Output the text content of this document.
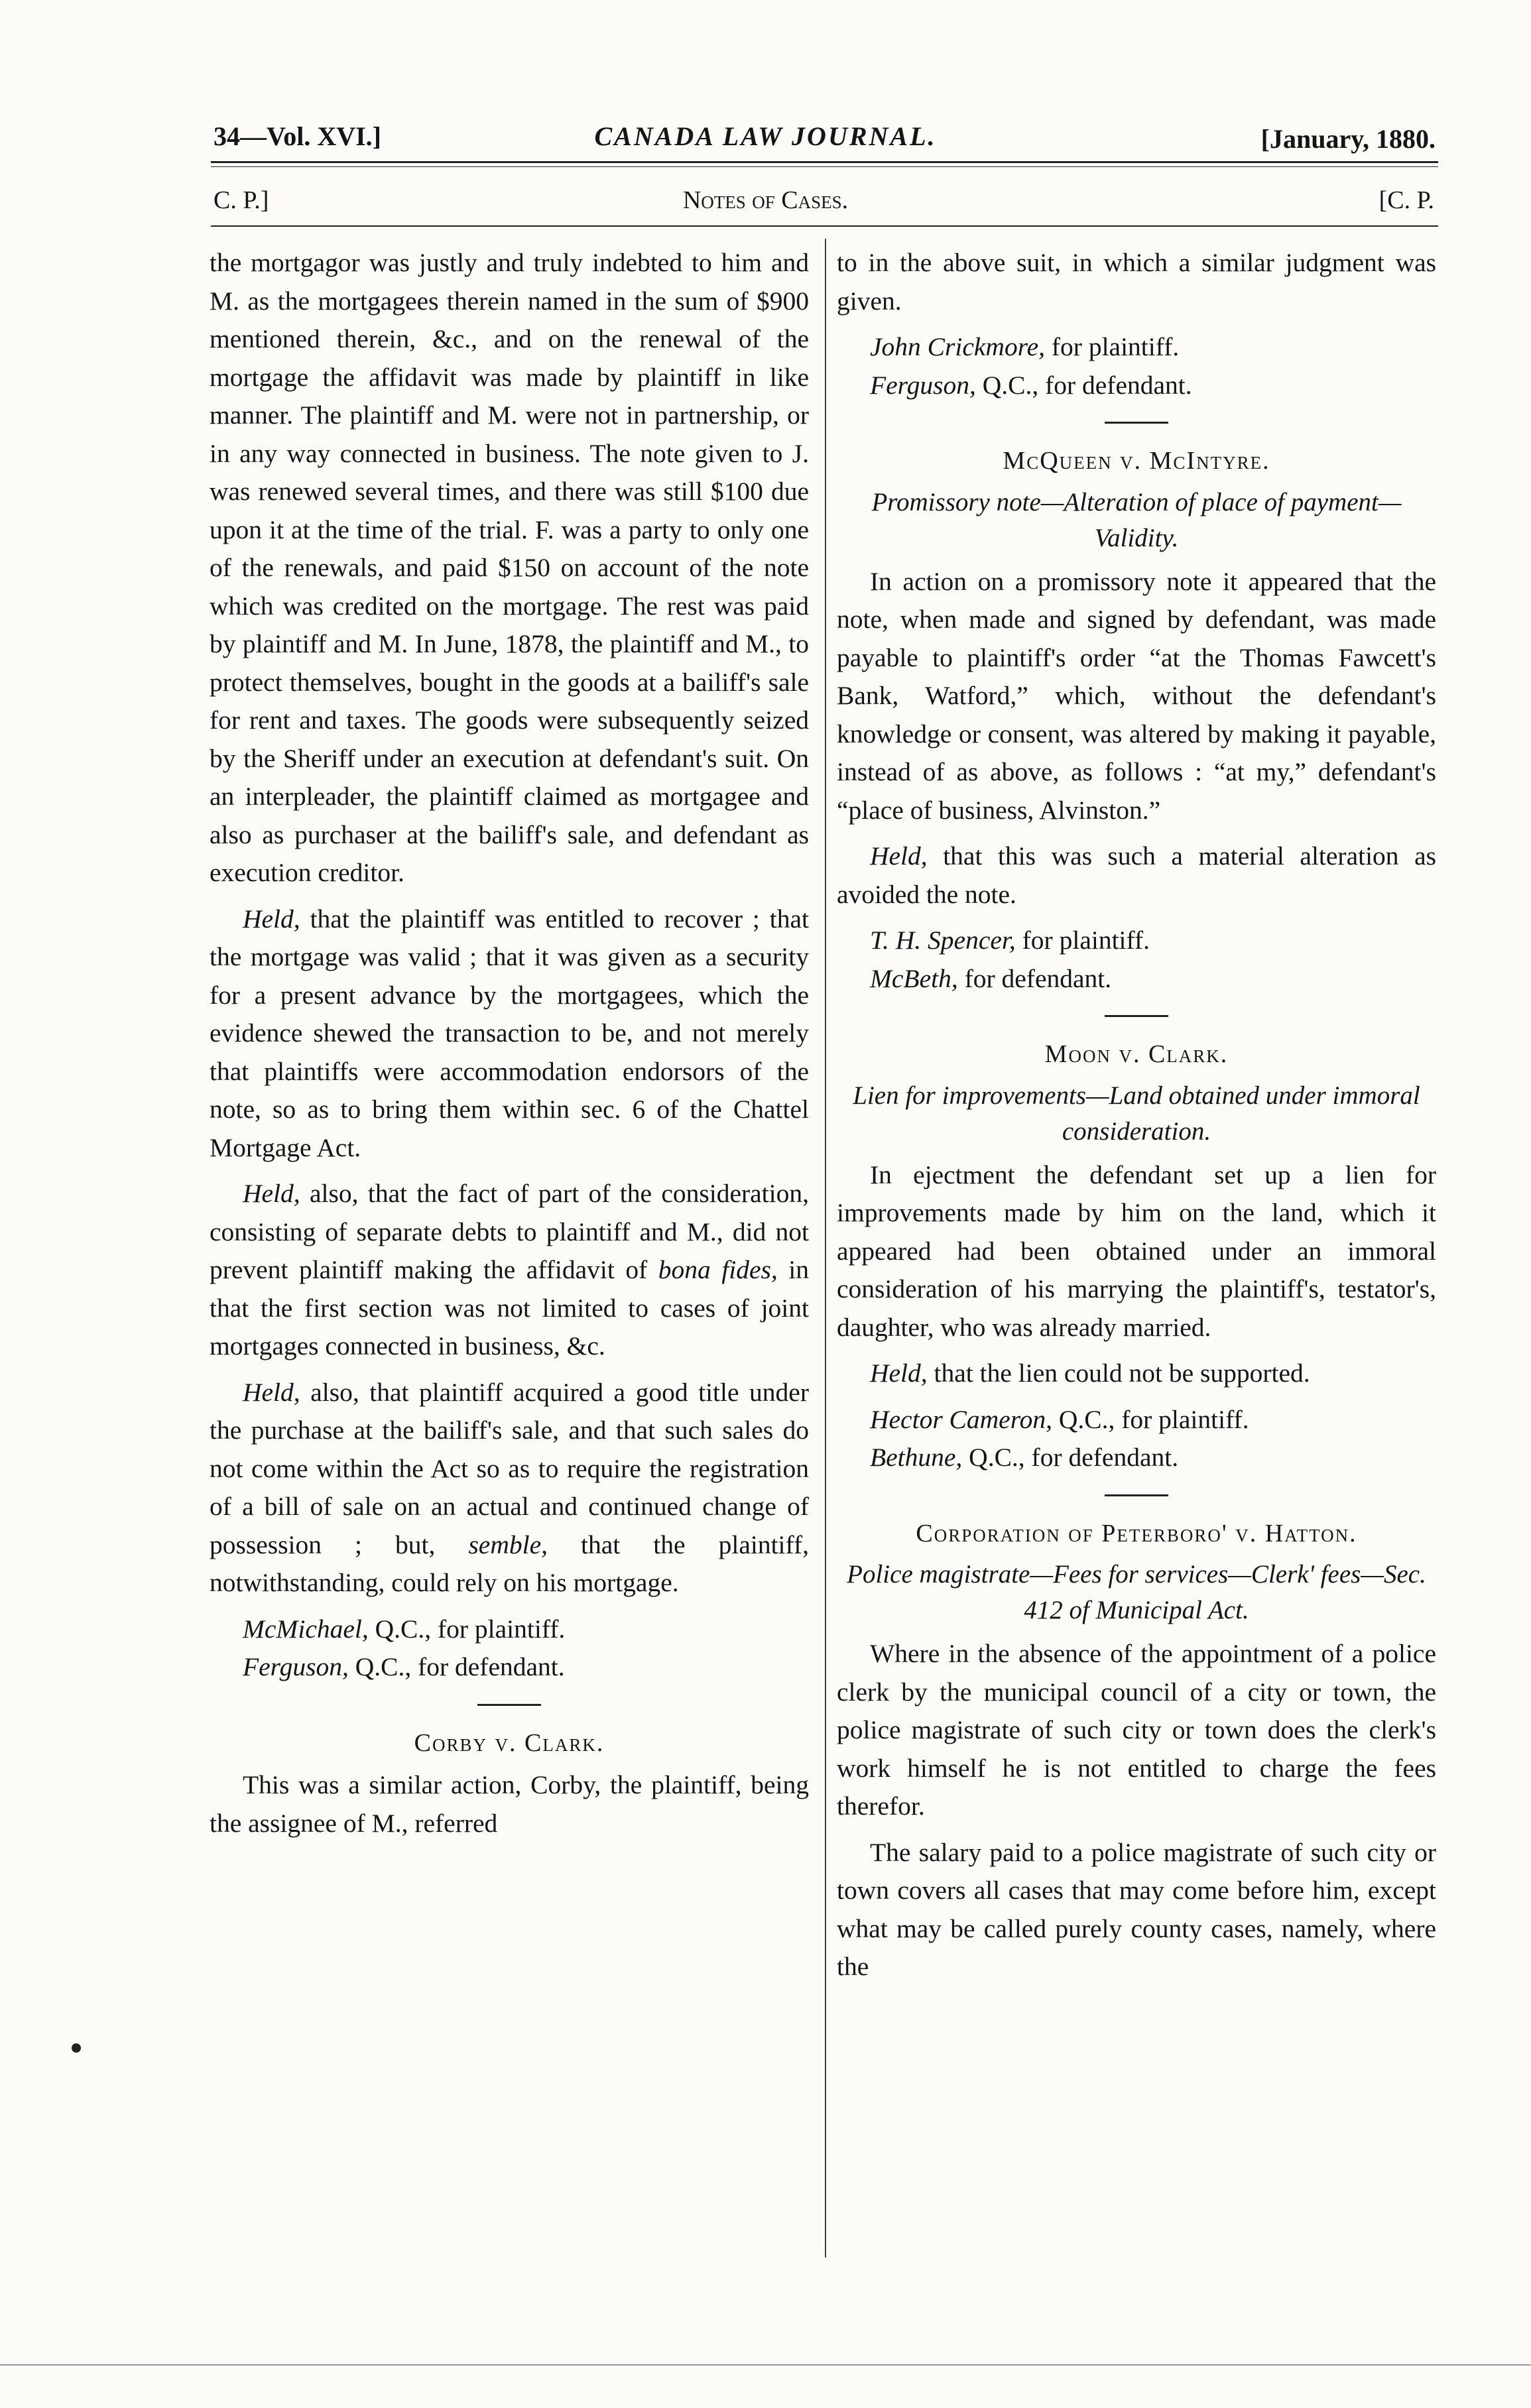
34—Vol. XVI.]	CANADA LAW JOURNAL.	[January, 1880.
C. P.]	Notes of Cases.	[C. P.

the mortgagor was justly and truly indebted to him and M. as the mortgagees therein named in the sum of $900 mentioned therein, &c., and on the renewal of the mortgage the affidavit was made by plaintiff in like manner. The plaintiff and M. were not in partnership, or in any way connected in business. The note given to J. was renewed several times, and there was still $100 due upon it at the time of the trial. F. was a party to only one of the renewals, and paid $150 on account of the note which was credited on the mortgage. The rest was paid by plaintiff and M. In June, 1878, the plaintiff and M., to protect themselves, bought in the goods at a bailiff's sale for rent and taxes. The goods were subsequently seized by the Sheriff under an execution at defendant's suit. On an interpleader, the plaintiff claimed as mortgagee and also as purchaser at the bailiff's sale, and defendant as execution creditor.

Held, that the plaintiff was entitled to recover ; that the mortgage was valid ; that it was given as a security for a present advance by the mortgagees, which the evidence shewed the transaction to be, and not merely that plaintiffs were accommodation endorsors of the note, so as to bring them within sec. 6 of the Chattel Mortgage Act.

Held, also, that the fact of part of the consideration, consisting of separate debts to plaintiff and M., did not prevent plaintiff making the affidavit of bona fides, in that the first section was not limited to cases of joint mortgages connected in business, &c.

Held, also, that plaintiff acquired a good title under the purchase at the bailiff's sale, and that such sales do not come within the Act so as to require the registration of a bill of sale on an actual and continued change of possession ; but, semble, that the plaintiff, notwithstanding, could rely on his mortgage.

McMichael, Q.C., for plaintiff.

Ferguson, Q.C., for defendant.

Corby v. Clark.

This was a similar action, Corby, the plaintiff, being the assignee of M., referred

to in the above suit, in which a similar judgment was given.

John Crickmore, for plaintiff.

Ferguson, Q.C., for defendant.

McQueen v. McIntyre.
Promissory note—Alteration of place of payment—Validity.

In action on a promissory note it appeared that the note, when made and signed by defendant, was made payable to plaintiff's order “at the Thomas Fawcett's Bank, Watford,” which, without the defendant's knowledge or consent, was altered by making it payable, instead of as above, as follows : “at my,” defendant's “place of business, Alvinston.”

Held, that this was such a material alteration as avoided the note.

T. H. Spencer, for plaintiff.

McBeth, for defendant.

Moon v. Clark.
Lien for improvements—Land obtained under immoral consideration.

In ejectment the defendant set up a lien for improvements made by him on the land, which it appeared had been obtained under an immoral consideration of his marrying the plaintiff's, testator's, daughter, who was already married.

Held, that the lien could not be supported.

Hector Cameron, Q.C., for plaintiff.

Bethune, Q.C., for defendant.

Corporation of Peterboro' v. Hatton.
Police magistrate—Fees for services—Clerk' fees—Sec. 412 of Municipal Act.

Where in the absence of the appointment of a police clerk by the municipal council of a city or town, the police magistrate of such city or town does the clerk's work himself he is not entitled to charge the fees therefor.

The salary paid to a police magistrate of such city or town covers all cases that may come before him, except what may be called purely county cases, namely, where the
